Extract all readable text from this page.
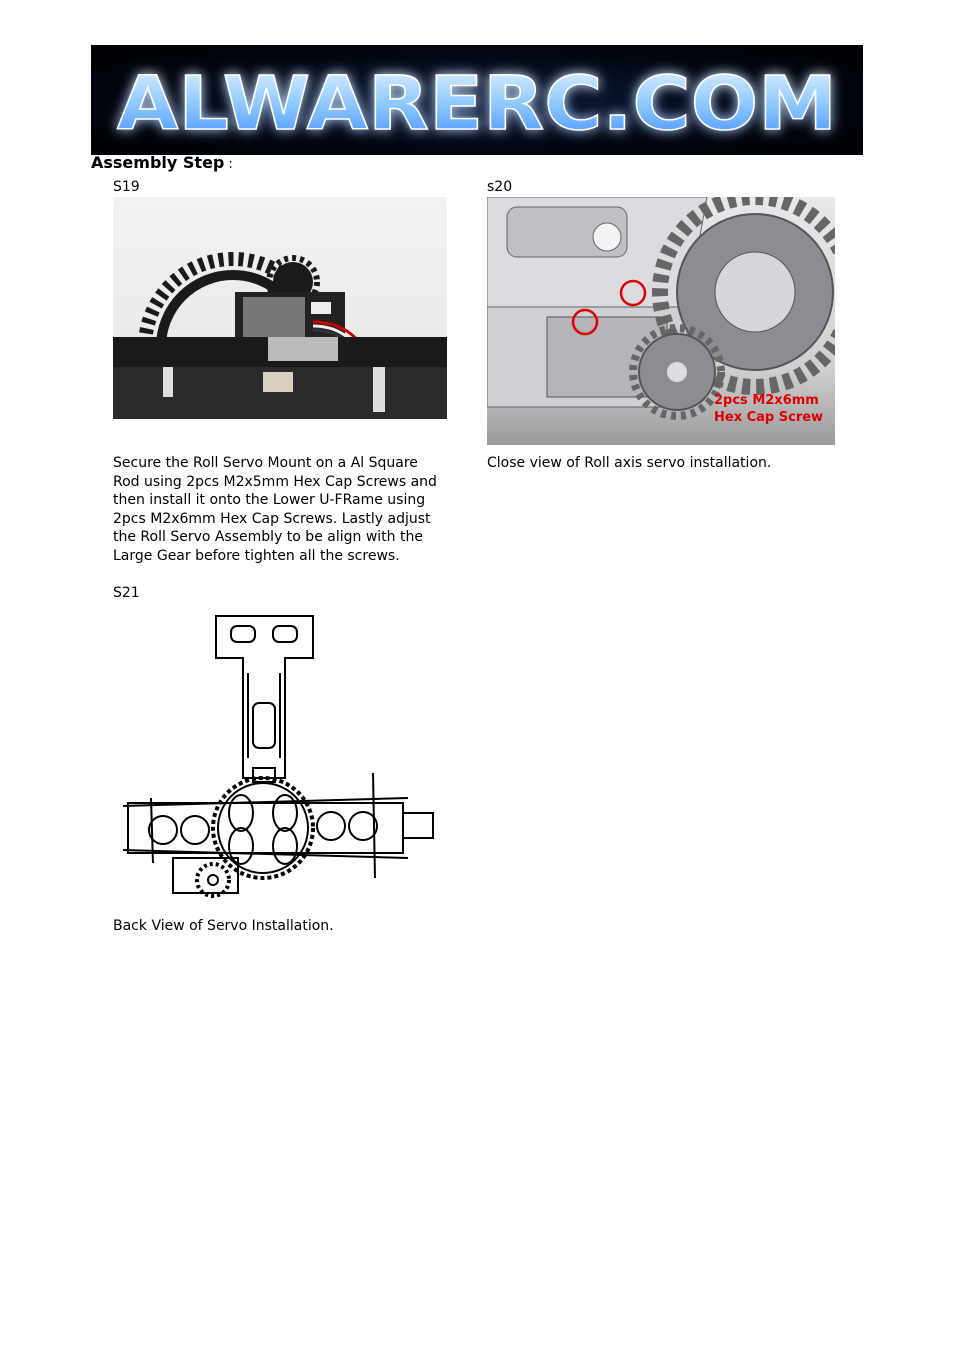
ALWARERC.COM
Assembly Step :
S19
Secure the Roll Servo Mount on a Al Square Rod using 2pcs M2x5mm Hex Cap Screws and then install it onto the Lower U-FRame using 2pcs M2x6mm Hex Cap Screws. Lastly adjust the Roll Servo Assembly to be align with the Large Gear before tighten all the screws.
s20
2pcs M2x6mm
Hex Cap Screw
Close view of Roll axis servo installation.
S21
Back View of Servo Installation.
